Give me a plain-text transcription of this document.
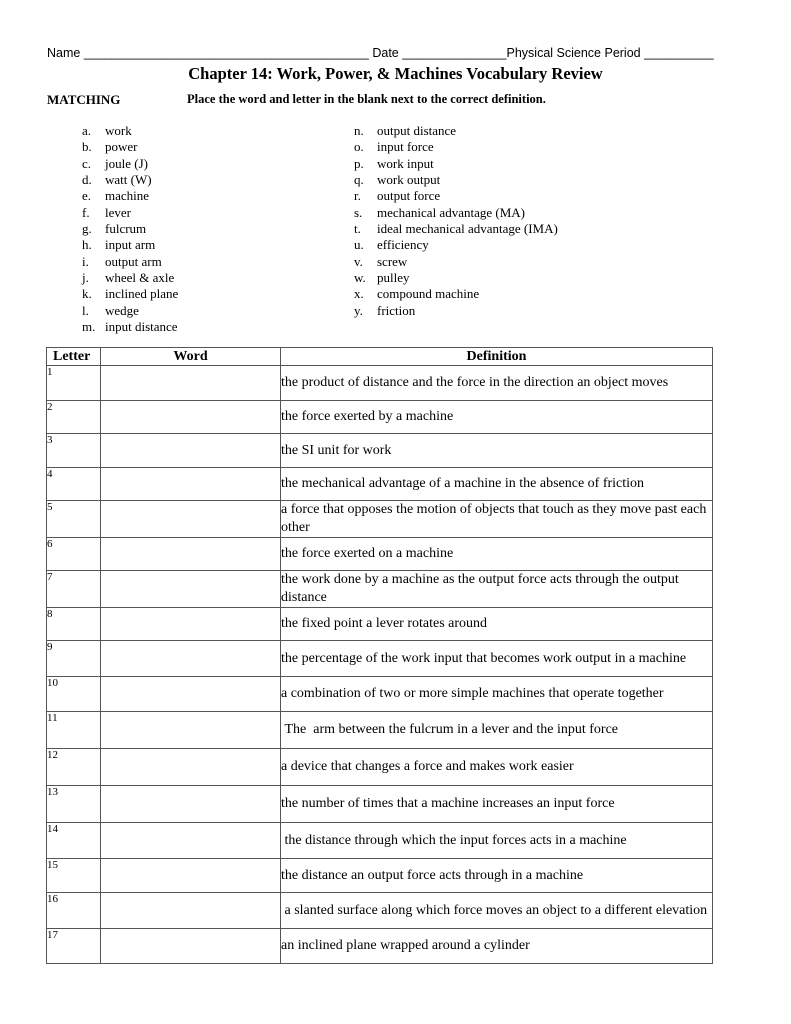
Name _________________________________________ Date _______________Physical Science Period __________
Chapter 14: Work, Power, & Machines Vocabulary Review
MATCHING	Place the word and letter in the blank next to the correct definition.
a. work
b. power
c. joule (J)
d. watt (W)
e. machine
f. lever
g. fulcrum
h. input arm
i. output arm
j. wheel & axle
k. inclined plane
l. wedge
m. input distance
n. output distance
o. input force
p. work input
q. work output
r. output force
s. mechanical advantage (MA)
t. ideal mechanical advantage (IMA)
u. efficiency
v. screw
w. pulley
x. compound machine
y. friction
Letter	Word	Definition
1		the product of distance and the force in the direction an object moves
2		the force exerted by a machine
3		the SI unit for work
4		the mechanical advantage of a machine in the absence of friction
5		a force that opposes the motion of objects that touch as they move past each other
6		the force exerted on a machine
7		the work done by a machine as the output force acts through the output distance
8		the fixed point a lever rotates around
9		the percentage of the work input that becomes work output in a machine
10		a combination of two or more simple machines that operate together
11		The  arm between the fulcrum in a lever and the input force
12		a device that changes a force and makes work easier
13		the number of times that a machine increases an input force
14		the distance through which the input forces acts in a machine
15		the distance an output force acts through in a machine
16		a slanted surface along which force moves an object to a different elevation
17		an inclined plane wrapped around a cylinder
